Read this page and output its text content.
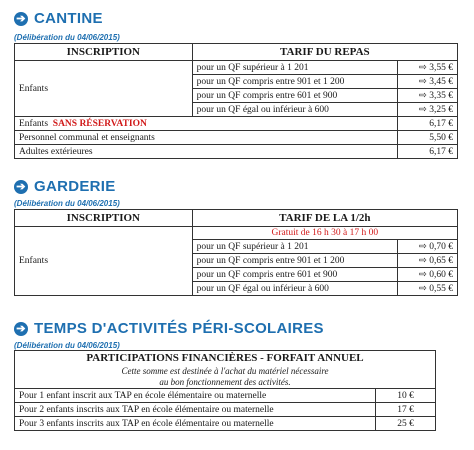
➔ CANTINE
(Délibération du 04/06/2015)
INSCRIPTION	TARIF DU REPAS	
Enfants	pour un QF supérieur à 1 201	⇨ 3,55 €
	pour un QF compris entre 901 et 1 200	⇨ 3,45 €
	pour un QF compris entre 601 et 900	⇨ 3,35 €
	pour un QF égal ou inférieur à 600	⇨ 3,25 €
Enfants SANS RÉSERVATION		6,17 €
Personnel communal et enseignants		5,50 €
Adultes extérieures		6,17 €
➔ GARDERIE
(Délibération du 04/06/2015)
INSCRIPTION	TARIF DE LA 1/2h	
Enfants	Gratuit de 16 h 30 à 17 h 00	
	pour un QF supérieur à 1 201	⇨ 0,70 €
	pour un QF compris entre 901 et 1 200	⇨ 0,65 €
	pour un QF compris entre 601 et 900	⇨ 0,60 €
	pour un QF égal ou inférieur à 600	⇨ 0,55 €
➔ TEMPS D'ACTIVITÉS PÉRI-SCOLAIRES
(Délibération du 04/06/2015)
PARTICIPATIONS FINANCIÈRES - FORFAIT ANNUEL	
Cette somme est destinée à l'achat du matériel nécessaire	
au bon fonctionnement des activités.	
Pour 1 enfant inscrit aux TAP en école élémentaire ou maternelle	10 €
Pour 2 enfants inscrits aux TAP en école élémentaire ou maternelle	17 €
Pour 3 enfants inscrits aux TAP en école élémentaire ou maternelle	25 €
